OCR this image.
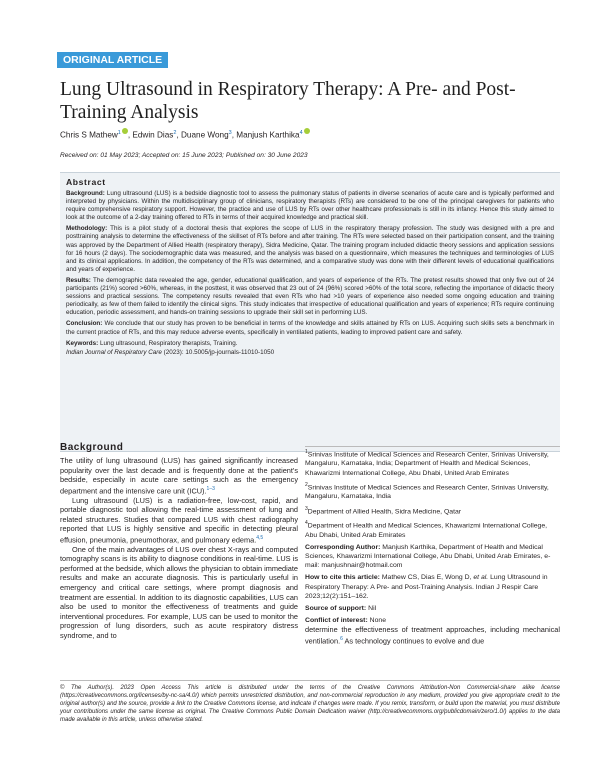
ORIGINAL ARTICLE
Lung Ultrasound in Respiratory Therapy: A Pre- and Post-Training Analysis
Chris S Mathew$^1$ , Edwin Dias$^2$, Duane Wong$^3$, Manjush Karthika$^4$
Received on: 01 May 2023; Accepted on: 15 June 2023; Published on: 30 June 2023
Abstract

Background: Lung ultrasound (LUS) is a bedside diagnostic tool to assess the pulmonary status of patients in diverse scenarios of acute care and is typically performed and interpreted by physicians. Within the multidisciplinary group of clinicians, respiratory therapists (RTs) are considered to be one of the principal caregivers for patients who require comprehensive respiratory support. However, the practice and use of LUS by RTs over other healthcare professionals is still in its infancy. Hence this study aimed to look at the outcome of a 2-day training offered to RTs in terms of their acquired knowledge and practical skill.

Methodology: This is a pilot study of a doctoral thesis that explores the scope of LUS in the respiratory therapy profession. The study was designed with a pre and posttraining analysis to determine the effectiveness of the skillset of RTs before and after training. The RTs were selected based on their participation consent, and the training was approved by the Department of Allied Health (respiratory therapy), Sidra Medicine, Qatar. The training program included didactic theory sessions and application sessions for 16 hours (2 days). The sociodemographic data was measured, and the analysis was based on a questionnaire, which measures the techniques and terminologies of LUS and its clinical applications. In addition, the competency of the RTs was determined, and a comparative study was done with their different levels of educational qualifications and years of experience.

Results: The demographic data revealed the age, gender, educational qualification, and years of experience of the RTs. The pretest results showed that only five out of 24 participants (21%) scored >60%, whereas, in the posttest, it was observed that 23 out of 24 (96%) scored >60% of the total score, reflecting the importance of didactic theory sessions and practical sessions. The competency results revealed that even RTs who had >10 years of experience also needed some ongoing education and training periodically, as few of them failed to identify the clinical signs. This study indicates that irrespective of educational qualification and years of experience; RTs require continuing education, periodic assessment, and hands-on training sessions to upgrade their skill set in performing LUS.

Conclusion: We conclude that our study has proven to be beneficial in terms of the knowledge and skills attained by RTs on LUS. Acquiring such skills sets a benchmark in the current practice of RTs, and this may reduce adverse events, specifically in ventilated patients, leading to improved patient care and safety.

Keywords: Lung ultrasound, Respiratory therapists, Training.

Indian Journal of Respiratory Care (2023): 10.5005/jp-journals-11010-1050

Background

The utility of lung ultrasound (LUS) has gained significantly increased popularity over the last decade and is frequently done at the patient's bedside, especially in acute care settings such as the emergency department and the intensive care unit (ICU).$^{1-3}$

Lung ultrasound (LUS) is a radiation-free, low-cost, rapid, and portable diagnostic tool allowing the real-time assessment of lung and related structures. Studies that compared LUS with chest radiography reported that LUS is highly sensitive and specific in detecting pleural effusion, pneumonia, pneumothorax, and pulmonary edema.$^{4,5}$

One of the main advantages of LUS over chest X-rays and computed tomography scans is its ability to diagnose conditions in real-time. LUS is performed at the bedside, which allows the physician to obtain immediate results and make an accurate diagnosis. This is particularly useful in emergency and critical care settings, where prompt diagnosis and treatment are essential. In addition to its diagnostic capabilities, LUS can also be used to monitor the effectiveness of treatments and guide interventional procedures. For example, LUS can be used to monitor the progression of lung disorders, such as acute respiratory distress syndrome, and to

$^1$Srinivas Institute of Medical Sciences and Research Center, Srinivas University, Mangaluru, Karnataka, India; Department of Health and Medical Sciences, Khawarizmi International College, Abu Dhabi, United Arab Emirates

$^2$Srinivas Institute of Medical Sciences and Research Center, Srinivas University, Mangaluru, Karnataka, India

$^3$Department of Allied Health, Sidra Medicine, Qatar

$^4$Department of Health and Medical Sciences, Khawarizmi International College, Abu Dhabi, United Arab Emirates

Corresponding Author: Manjush Karthika, Department of Health and Medical Sciences, Khawarizmi International College, Abu Dhabi, United Arab Emirates, e-mail: manjushnair@hotmail.com

How to cite this article: Mathew CS, Dias E, Wong D, et al. Lung Ultrasound in Respiratory Therapy: A Pre- and Post-Training Analysis. Indian J Respir Care 2023;12(2):151–162.

Source of support: Nil

Conflict of interest: None

determine the effectiveness of treatment approaches, including mechanical ventilation.$^6$ As technology continues to evolve and due
© The Author(s). 2023 Open Access This article is distributed under the terms of the Creative Commons Attribution-Non Commercial-share alike license (https://creativecommons.org/licenses/by-nc-sa/4.0/) which permits unrestricted distribution, and non-commercial reproduction in any medium, provided you give appropriate credit to the original author(s) and the source, provide a link to the Creative Commons license, and indicate if changes were made. If you remix, transform, or build upon the material, you must distribute your contributions under the same license as original. The Creative Commons Public Domain Dedication waiver (http://creativecommons.org/publicdomain/zero/1.0/) applies to the data made available in this article, unless otherwise stated.
